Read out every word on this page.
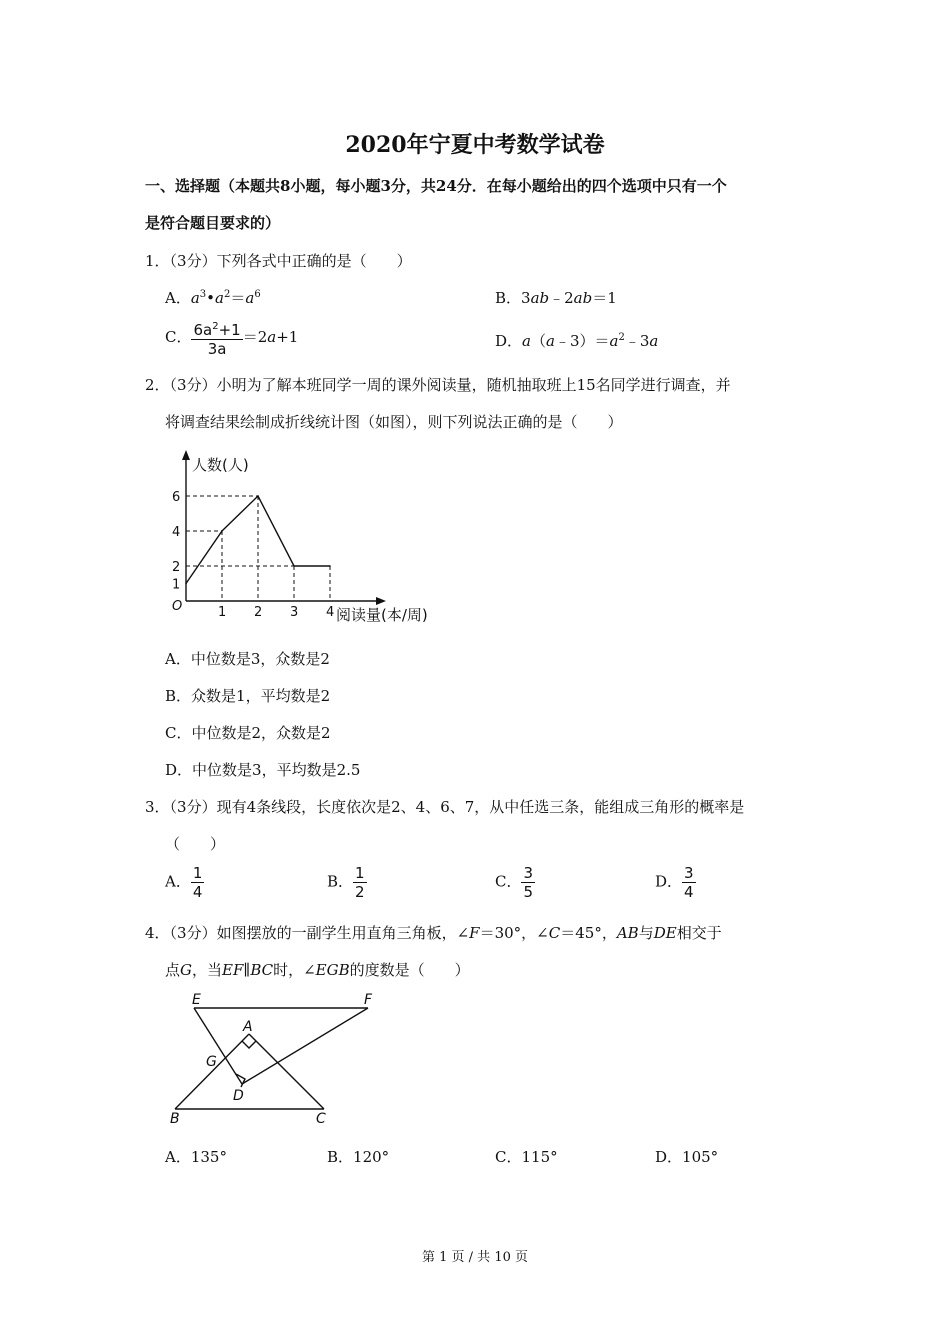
2020年宁夏中考数学试卷
一、选择题（本题共8小题，每小题3分，共24分．在每小题给出的四个选项中只有一个
是符合题目要求的）
1．（3分）下列各式中正确的是（　　）
A．$a^3•a^2=a^6$	B．3ab﹣2ab＝1
C． $\frac{6a^2+1}{3a} =2a+1$	D．$a(a﹣3)=a^2﹣3a$
2．（3分）小明为了解本班同学一周的课外阅读量，随机抽取班上15名同学进行调查，并
将调查结果绘制成折线统计图（如图），则下列说法正确的是（　　）
人数(人)
阅读量(本/周)
O	1 2 3 4
1
2
4
6
A．中位数是3，众数是2
B．众数是1，平均数是2
C．中位数是2，众数是2
D．中位数是3，平均数是2.5
3．（3分）现有4条线段，长度依次是2、4、6、7，从中任选三条，能组成三角形的概率是
（　　）
A． $\frac{1}{4}$	B． $\frac{1}{2}$	C． $\frac{3}{5}$	D． $\frac{3}{4}$
4．（3分）如图摆放的一副学生用直角三角板，∠F＝30°，∠C＝45°，AB与DE相交于
点G，当EF∥BC时，∠EGB的度数是（　　）
E	F
A
G
D
B	C
A．135°	B．120°	C．115°	D．105°
第 1 页 / 共 10 页
